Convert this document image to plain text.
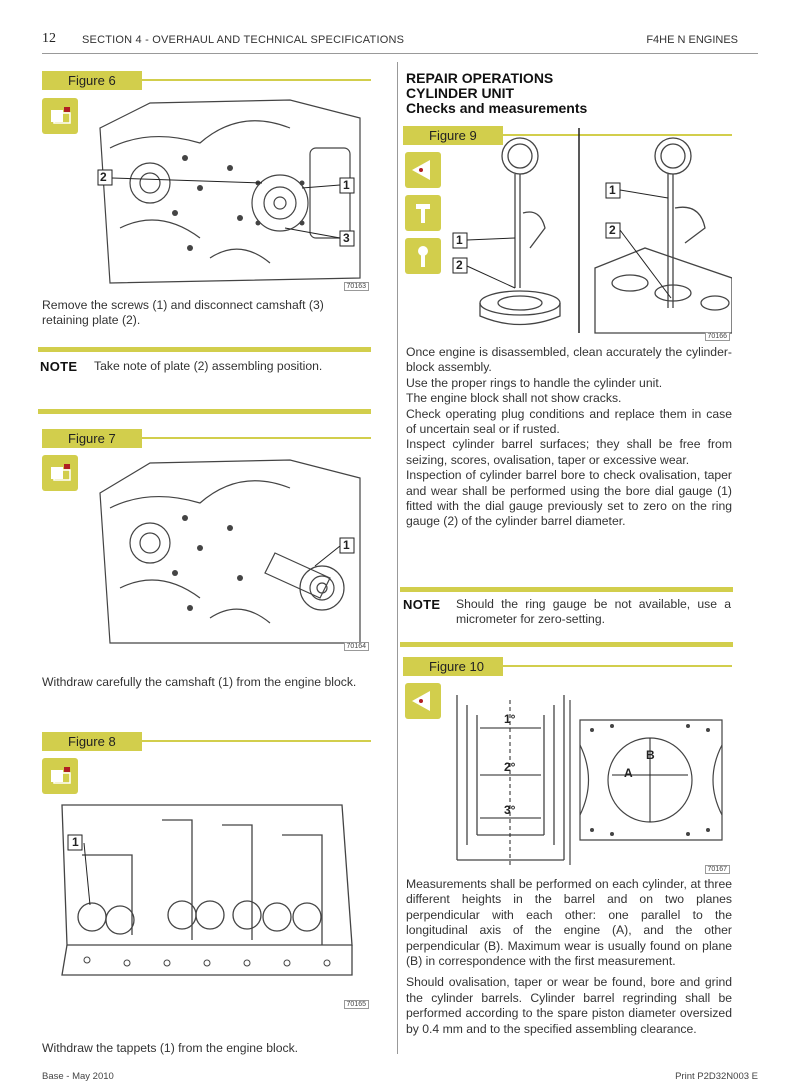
12 SECTION 4 - OVERHAUL AND TECHNICAL SPECIFICATIONS	F4HE N ENGINES
Figure 6
2
1
3
70163
Remove the screws (1) and disconnect camshaft (3) retaining plate (2).
NOTE Take note of plate (2) assembling position.
Figure 7
1
70164
Withdraw carefully the camshaft (1) from the engine block.
Figure 8
1
70165
Withdraw the tappets (1) from the engine block.
REPAIR OPERATIONS
CYLINDER UNIT
Checks and measurements
Figure 9
1
2
1
2
70166
Once engine is disassembled, clean accurately the cylinder-block assembly.
Use the proper rings to handle the cylinder unit.
The engine block shall not show cracks.
Check operating plug conditions and replace them in case of uncertain seal or if rusted.
Inspect cylinder barrel surfaces; they shall be free from seizing, scores, ovalisation, taper or excessive wear.
Inspection of cylinder barrel bore to check ovalisation, taper and wear shall be performed using the bore dial gauge (1) fitted with the dial gauge previously set to zero on the ring gauge (2) of the cylinder barrel diameter.
NOTE Should the ring gauge be not available, use a micrometer for zero-setting.
Figure 10
1°
2°
3°
A
B
70167
Measurements shall be performed on each cylinder, at three different heights in the barrel and on two planes perpendicular with each other: one parallel to the longitudinal axis of the engine (A), and the other perpendicular (B). Maximum wear is usually found on plane (B) in correspondence with the first measurement.
Should ovalisation, taper or wear be found, bore and grind the cylinder barrels. Cylinder barrel regrinding shall be performed according to the spare piston diameter oversized by 0.4 mm and to the specified assembling clearance.
Base - May 2010	Print P2D32N003 E
